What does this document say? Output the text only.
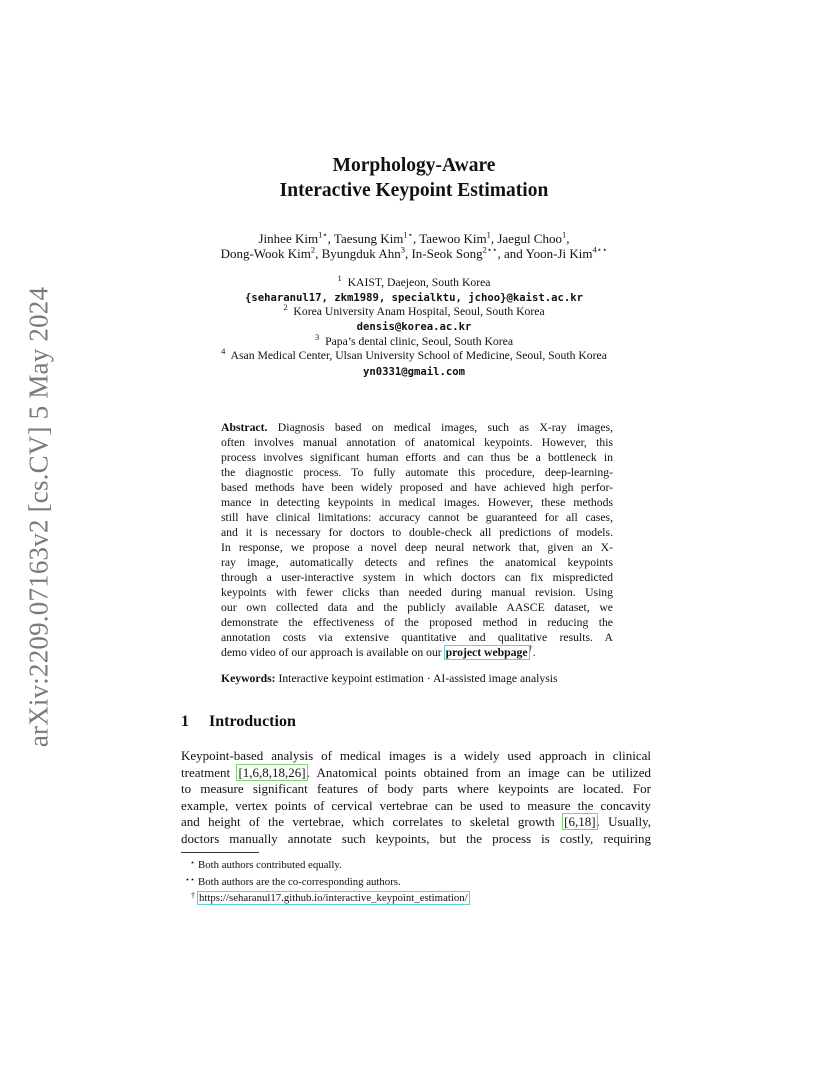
arXiv:2209.07163v2 [cs.CV] 5 May 2024
Morphology-Aware
Interactive Keypoint Estimation
Jinhee Kim$^{1⋆}$, Taesung Kim$^{1⋆}$, Taewoo Kim$^1$, Jaegul Choo$^1$,
Dong-Wook Kim$^2$, Byungduk Ahn$^3$, In-Seok Song$^{2⋆⋆}$, and Yoon-Ji Kim$^{4⋆⋆}$
$^1$ KAIST, Daejeon, South Korea
{seharanul17, zkm1989, specialktu, jchoo}@kaist.ac.kr
$^2$ Korea University Anam Hospital, Seoul, South Korea
densis@korea.ac.kr
$^3$ Papa’s dental clinic, Seoul, South Korea
$^4$ Asan Medical Center, Ulsan University School of Medicine, Seoul, South Korea
yn0331@gmail.com
Abstract. Diagnosis based on medical images, such as X-ray images,
often involves manual annotation of anatomical keypoints. However, this
process involves significant human efforts and can thus be a bottleneck in
the diagnostic process. To fully automate this procedure, deep-learning-
based methods have been widely proposed and have achieved high perfor-
mance in detecting keypoints in medical images. However, these methods
still have clinical limitations: accuracy cannot be guaranteed for all cases,
and it is necessary for doctors to double-check all predictions of models.
In response, we propose a novel deep neural network that, given an X-
ray image, automatically detects and refines the anatomical keypoints
through a user-interactive system in which doctors can fix mispredicted
keypoints with fewer clicks than needed during manual revision. Using
our own collected data and the publicly available AASCE dataset, we
demonstrate the effectiveness of the proposed method in reducing the
annotation costs via extensive quantitative and qualitative results. A
demo video of our approach is available on our project webpage†.
Keywords: Interactive keypoint estimation · AI-assisted image analysis
1 Introduction
Keypoint-based analysis of medical images is a widely used approach in clinical
treatment [1,6,8,18,26]. Anatomical points obtained from an image can be utilized
to measure significant features of body parts where keypoints are located. For
example, vertex points of cervical vertebrae can be used to measure the concavity
and height of the vertebrae, which correlates to skeletal growth [6,18]. Usually,
doctors manually annotate such keypoints, but the process is costly, requiring
⋆ Both authors contributed equally.
⋆⋆ Both authors are the co-corresponding authors.
† https://seharanul17.github.io/interactive_keypoint_estimation/
